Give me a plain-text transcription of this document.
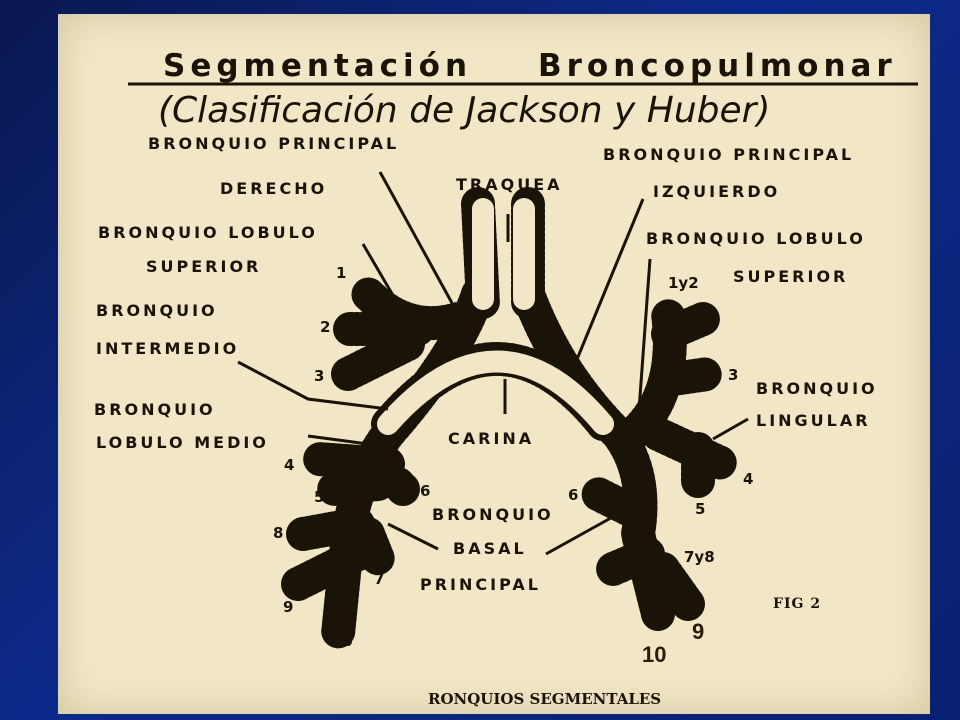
Segmentación Broncopulmonar
(Clasificación de Jackson y Huber)
BRONQUIO PRINCIPAL
DERECHO
BRONQUIO LOBULO
SUPERIOR
BRONQUIO
INTERMEDIO
BRONQUIO
LOBULO MEDIO
TRAQUEA
CARINA
BRONQUIO PRINCIPAL
IZQUIERDO
BRONQUIO LOBULO
SUPERIOR
BRONQUIO
LINGULAR
BRONQUIO
BASAL
PRINCIPAL
1
2
3
4
5	6
7
8
9
10
1y2
3
4
5
6
7y8
FIG 2
RONQUIOS SEGMENTALES
9
10
